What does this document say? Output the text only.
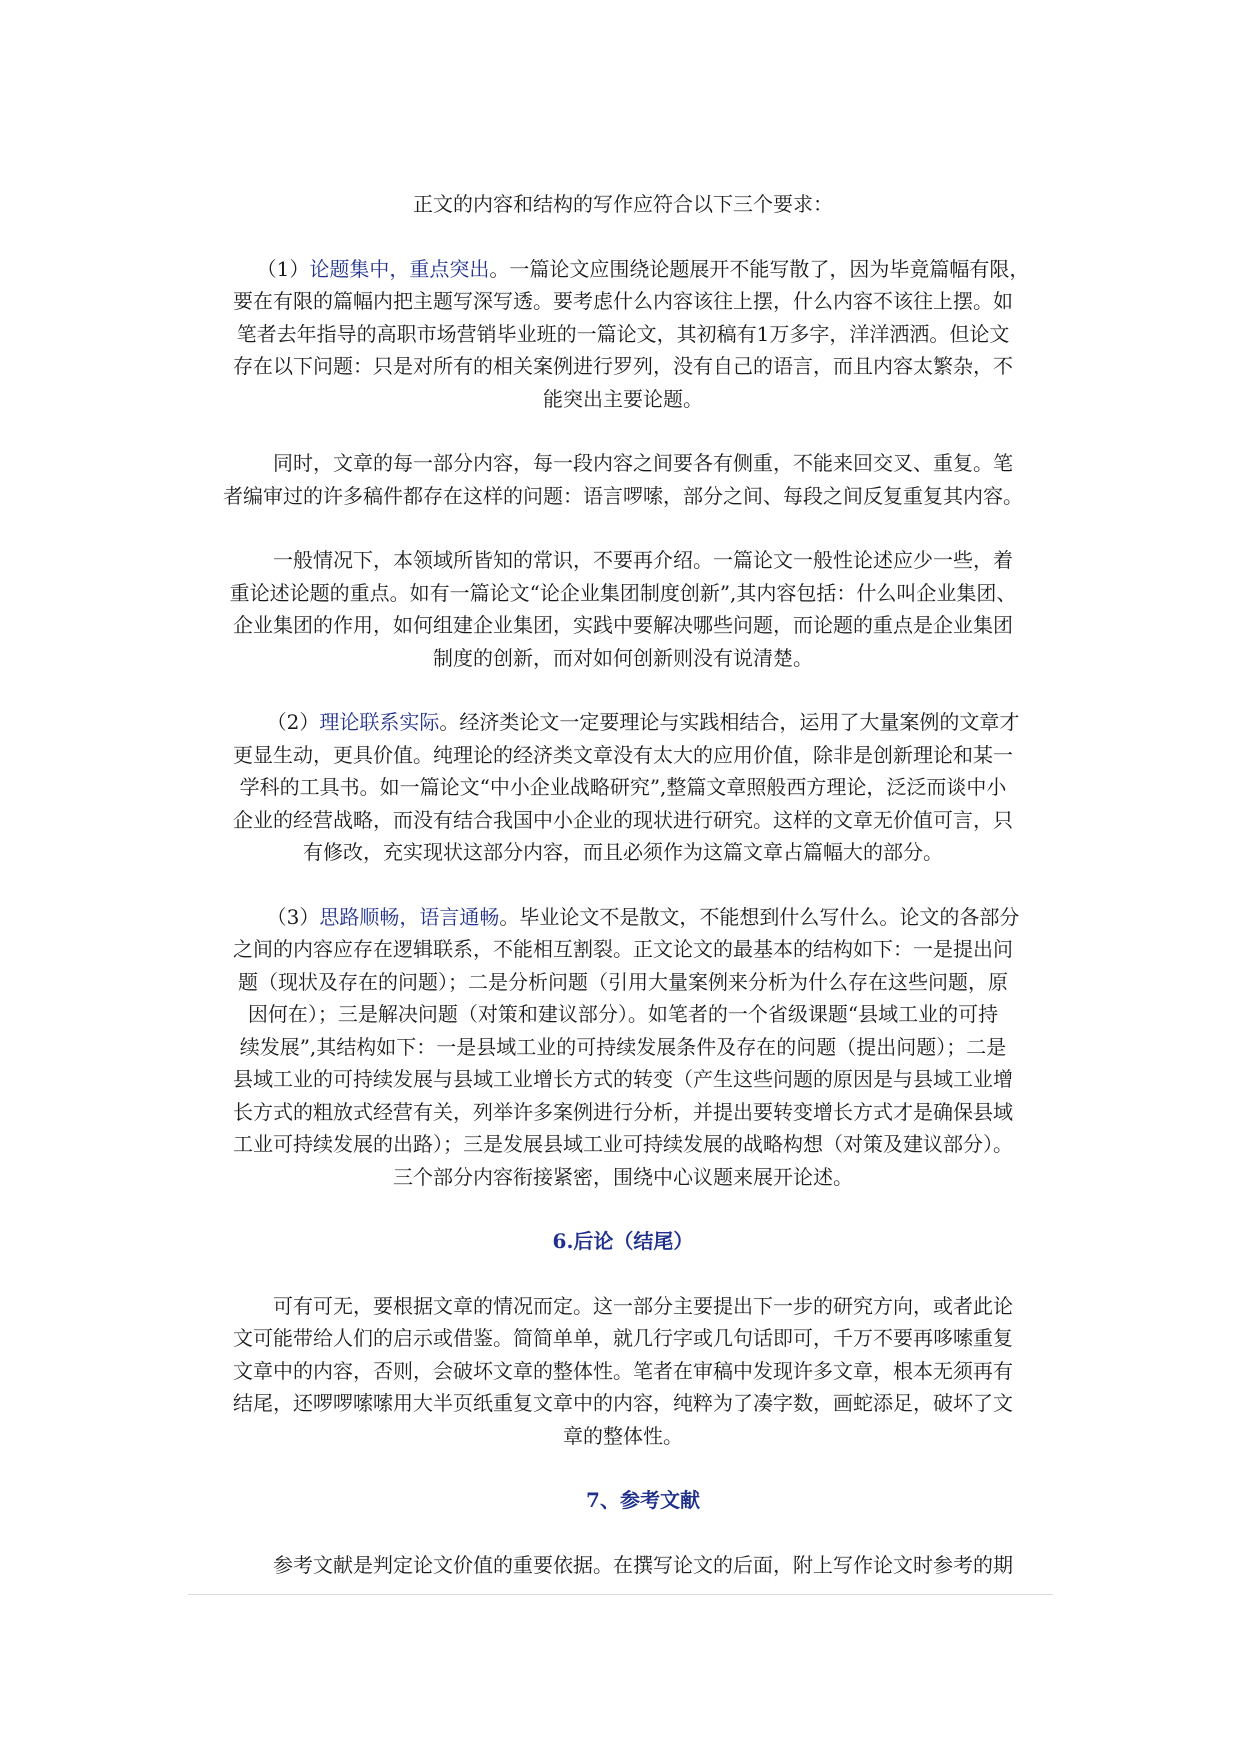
正文的内容和结构的写作应符合以下三个要求：

（1）论题集中，重点突出。一篇论文应围绕论题展开不能写散了，因为毕竟篇幅有限，

要在有限的篇幅内把主题写深写透。要考虑什么内容该往上摆，什么内容不该往上摆。如

笔者去年指导的高职市场营销毕业班的一篇论文，其初稿有1万多字，洋洋洒洒。但论文

存在以下问题：只是对所有的相关案例进行罗列，没有自己的语言，而且内容太繁杂，不

能突出主要论题。

同时，文章的每一部分内容，每一段内容之间要各有侧重，不能来回交叉、重复。笔

者编审过的许多稿件都存在这样的问题：语言啰嗦，部分之间、每段之间反复重复其内容。

一般情况下，本领域所皆知的常识，不要再介绍。一篇论文一般性论述应少一些，着

重论述论题的重点。如有一篇论文“论企业集团制度创新”,其内容包括：什么叫企业集团、

企业集团的作用，如何组建企业集团，实践中要解决哪些问题，而论题的重点是企业集团

制度的创新，而对如何创新则没有说清楚。

（2）理论联系实际。经济类论文一定要理论与实践相结合，运用了大量案例的文章才

更显生动，更具价值。纯理论的经济类文章没有太大的应用价值，除非是创新理论和某一

学科的工具书。如一篇论文“中小企业战略研究”,整篇文章照般西方理论，泛泛而谈中小

企业的经营战略，而没有结合我国中小企业的现状进行研究。这样的文章无价值可言，只

有修改，充实现状这部分内容，而且必须作为这篇文章占篇幅大的部分。

（3）思路顺畅，语言通畅。毕业论文不是散文，不能想到什么写什么。论文的各部分

之间的内容应存在逻辑联系，不能相互割裂。正文论文的最基本的结构如下：一是提出问

题（现状及存在的问题）；二是分析问题（引用大量案例来分析为什么存在这些问题，原

因何在）；三是解决问题（对策和建议部分）。如笔者的一个省级课题“县域工业的可持

续发展”,其结构如下：一是县域工业的可持续发展条件及存在的问题（提出问题）；二是

县域工业的可持续发展与县域工业增长方式的转变（产生这些问题的原因是与县域工业增

长方式的粗放式经营有关，列举许多案例进行分析，并提出要转变增长方式才是确保县域

工业可持续发展的出路）；三是发展县域工业可持续发展的战略构想（对策及建议部分）。

三个部分内容衔接紧密，围绕中心议题来展开论述。

6.后论（结尾）

可有可无，要根据文章的情况而定。这一部分主要提出下一步的研究方向，或者此论

文可能带给人们的启示或借鉴。简简单单，就几行字或几句话即可，千万不要再哆嗦重复

文章中的内容，否则，会破坏文章的整体性。笔者在审稿中发现许多文章，根本无须再有

结尾，还啰啰嗦嗦用大半页纸重复文章中的内容，纯粹为了凑字数，画蛇添足，破坏了文

章的整体性。

7、参考文献

参考文献是判定论文价值的重要依据。在撰写论文的后面，附上写作论文时参考的期
